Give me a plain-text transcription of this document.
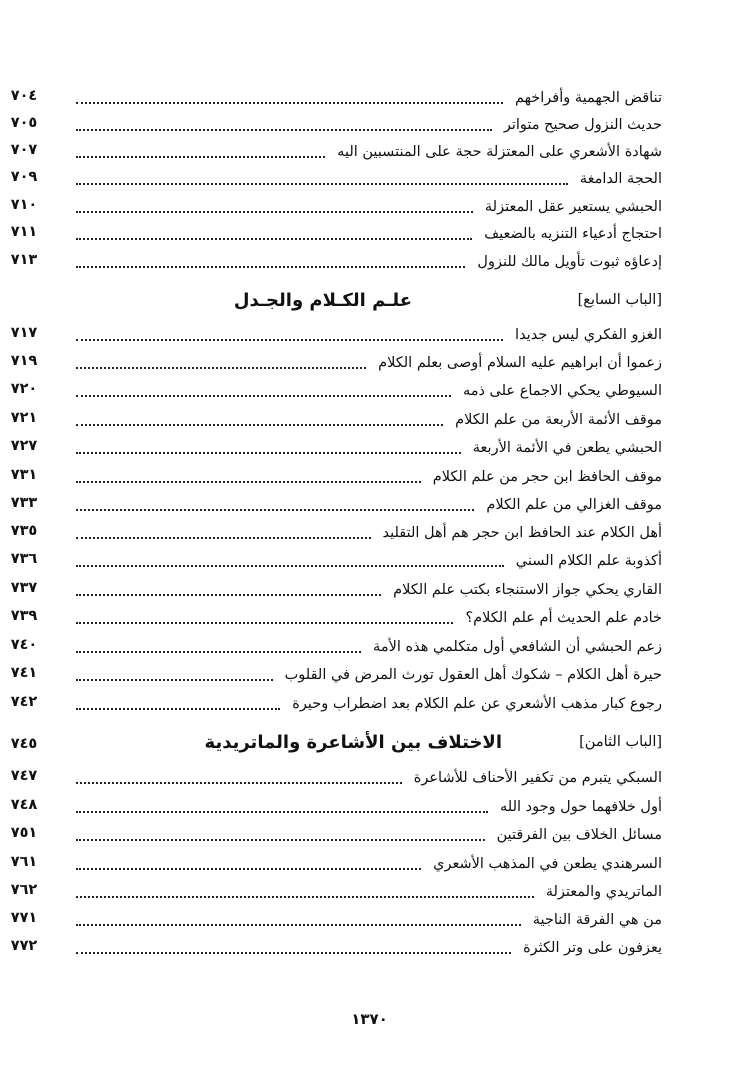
تناقض الجهمية وأفراخهم
٧٠٤
حديث النزول صحيح متواتر
٧٠٥
شهادة الأشعري على المعتزلة حجة على المنتسبين اليه
٧٠٧
الحجة الدامغة
٧٠٩
الحبشي يستعير عقل المعتزلة
٧١٠
احتجاج أدعياء التنزيه بالضعيف
٧١١
إدعاؤه ثبوت تأويل مالك للنزول
٧١٣
[الباب السابع]
علـم الكـلام والجـدل
الغزو الفكري ليس جديدا
٧١٧
زعموا أن ابراهيم عليه السلام أوصى بعلم الكلام
٧١٩
السيوطي يحكي الاجماع على ذمه
٧٢٠
موقف الأئمة الأربعة من علم الكلام
٧٢١
الحبشي يطعن في الأئمة الأربعة
٧٢٧
موقف الحافظ ابن حجر من علم الكلام
٧٣١
موقف الغزالي من علم الكلام
٧٣٣
أهل الكلام عند الحافظ ابن حجر هم أهل التقليد
٧٣٥
أكذوبة علم الكلام السني
٧٣٦
القاري يحكي جواز الاستنجاء بكتب علم الكلام
٧٣٧
خادم علم الحديث أم علم الكلام؟
٧٣٩
زعم الحبشي أن الشافعي أول متكلمي هذه الأمة
٧٤٠
حيرة أهل الكلام – شكوك أهل العقول تورث المرض في القلوب
٧٤١
رجوع كبار مذهب الأشعري عن علم الكلام بعد اضطراب وحيرة
٧٤٢
[الباب الثامن]
الاختلاف بين الأشاعرة والماتريدية
٧٤٥
السبكي يتبرم من تكفير الأحناف للأشاعرة
٧٤٧
أول خلافهما حول وجود الله
٧٤٨
مسائل الخلاف بين الفرقتين
٧٥١
السرهندي يطعن في المذهب الأشعري
٧٦١
الماتريدي والمعتزلة
٧٦٢
من هي الفرقة الناجية
٧٧١
يعزفون على وتر الكثرة
٧٧٢
١٣٧٠
